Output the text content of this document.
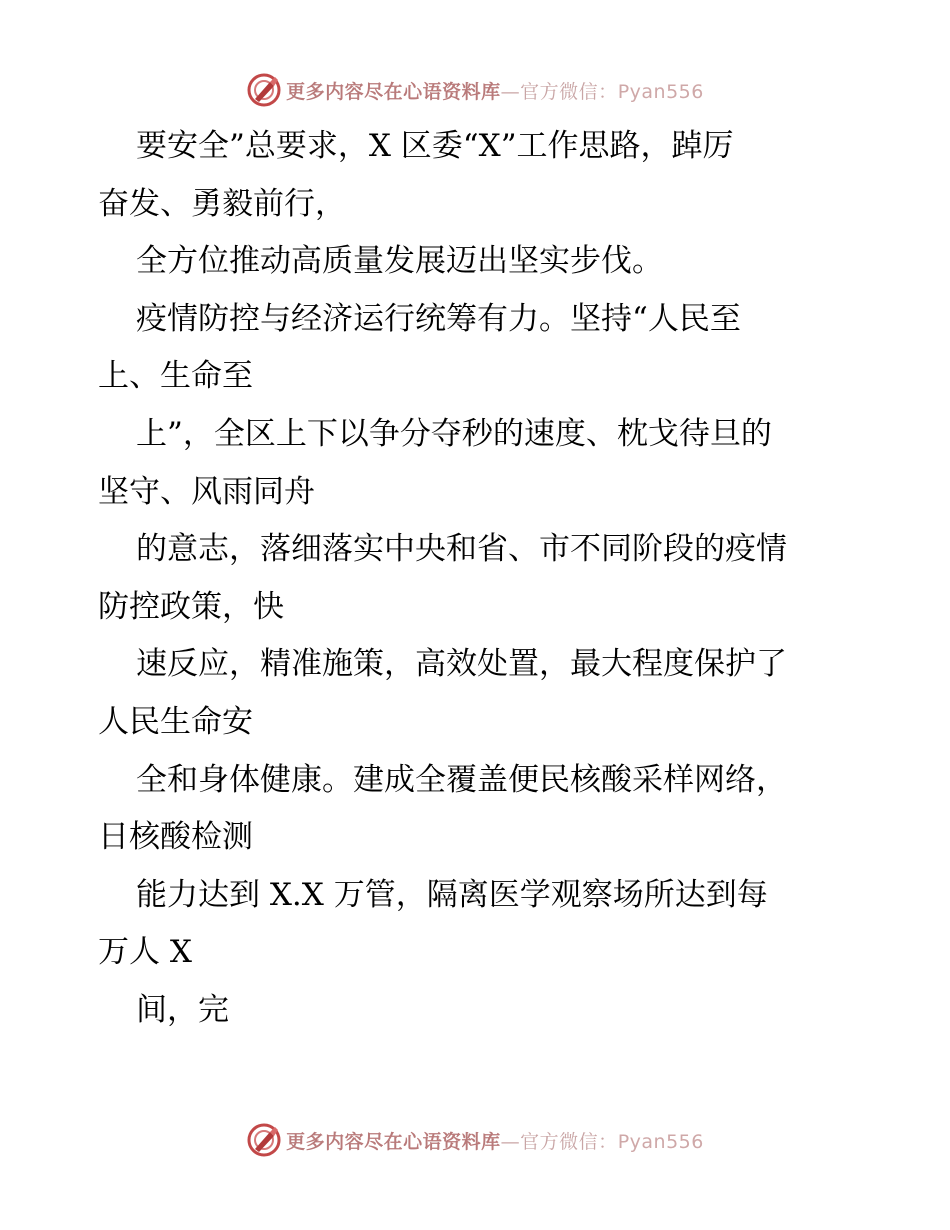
更多内容尽在心语资料库—官方微信：Pyan556
要安全”总要求，X 区委“X”工作思路，踔厉
奋发、勇毅前行，
全方位推动高质量发展迈出坚实步伐。
疫情防控与经济运行统筹有力。坚持“人民至
上、生命至
上”，全区上下以争分夺秒的速度、枕戈待旦的
坚守、风雨同舟
的意志，落细落实中央和省、市不同阶段的疫情
防控政策，快
速反应，精准施策，高效处置，最大程度保护了
人民生命安
全和身体健康。建成全覆盖便民核酸采样网络，
日核酸检测
能力达到 X.X 万管，隔离医学观察场所达到每
万人 X
间，完
更多内容尽在心语资料库—官方微信：Pyan556
